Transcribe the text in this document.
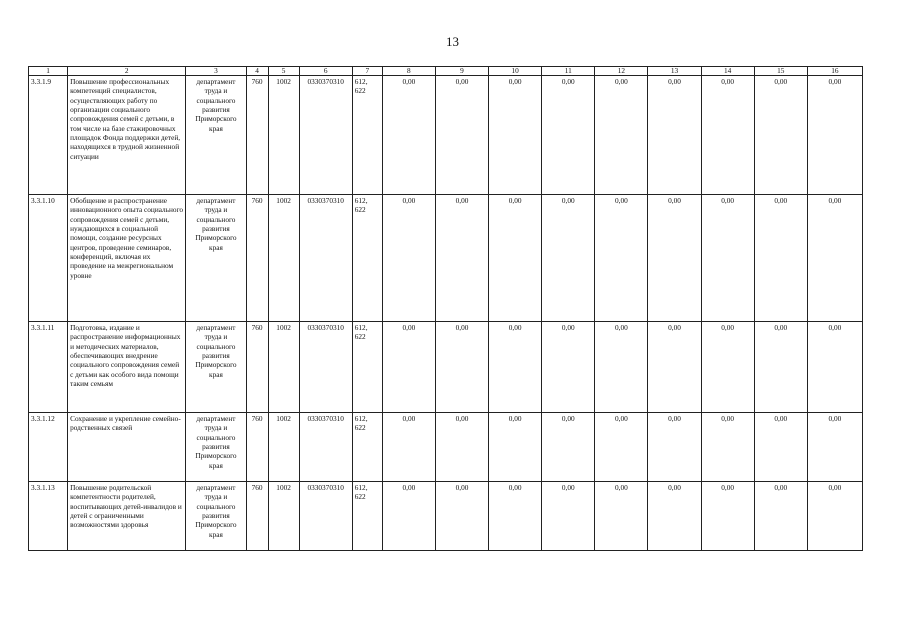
13
1	2	3	4	5	6	7	8	9	10	11	12	13	14	15	16
3.3.1.9	Повышение профессиональных компетенций специалистов, осуществляющих работу по организации социального сопровождения семей с детьми, в том числе на базе стажировочных площадок Фонда поддержки детей, находящихся в трудной жизненной ситуации	департамент труда и социального развития Приморского края	760	1002	0330370310	612, 622	0,00	0,00	0,00	0,00	0,00	0,00	0,00	0,00	0,00
3.3.1.10	Обобщение и распространение инновационного опыта социального сопровождения семей с детьми, нуждающихся в социальной помощи, создание ресурсных центров, проведение семинаров, конференций, включая их проведение на межрегиональном уровне	департамент труда и социального развития Приморского края	760	1002	0330370310	612, 622	0,00	0,00	0,00	0,00	0,00	0,00	0,00	0,00	0,00
3.3.1.11	Подготовка, издание и распространение информационных и методических материалов, обеспечивающих внедрение социального сопровождения семей с детьми как особого вида помощи таким семьям	департамент труда и социального развития Приморского края	760	1002	0330370310	612, 622	0,00	0,00	0,00	0,00	0,00	0,00	0,00	0,00	0,00
3.3.1.12	Сохранение и укрепление семейно-родственных связей	департамент труда и социального развития Приморского края	760	1002	0330370310	612, 622	0,00	0,00	0,00	0,00	0,00	0,00	0,00	0,00	0,00
3.3.1.13	Повышение родительской компетентности родителей, воспитывающих детей-инвалидов и детей с ограниченными возможностями здоровья	департамент труда и социального развития Приморского края	760	1002	0330370310	612, 622	0,00	0,00	0,00	0,00	0,00	0,00	0,00	0,00	0,00
